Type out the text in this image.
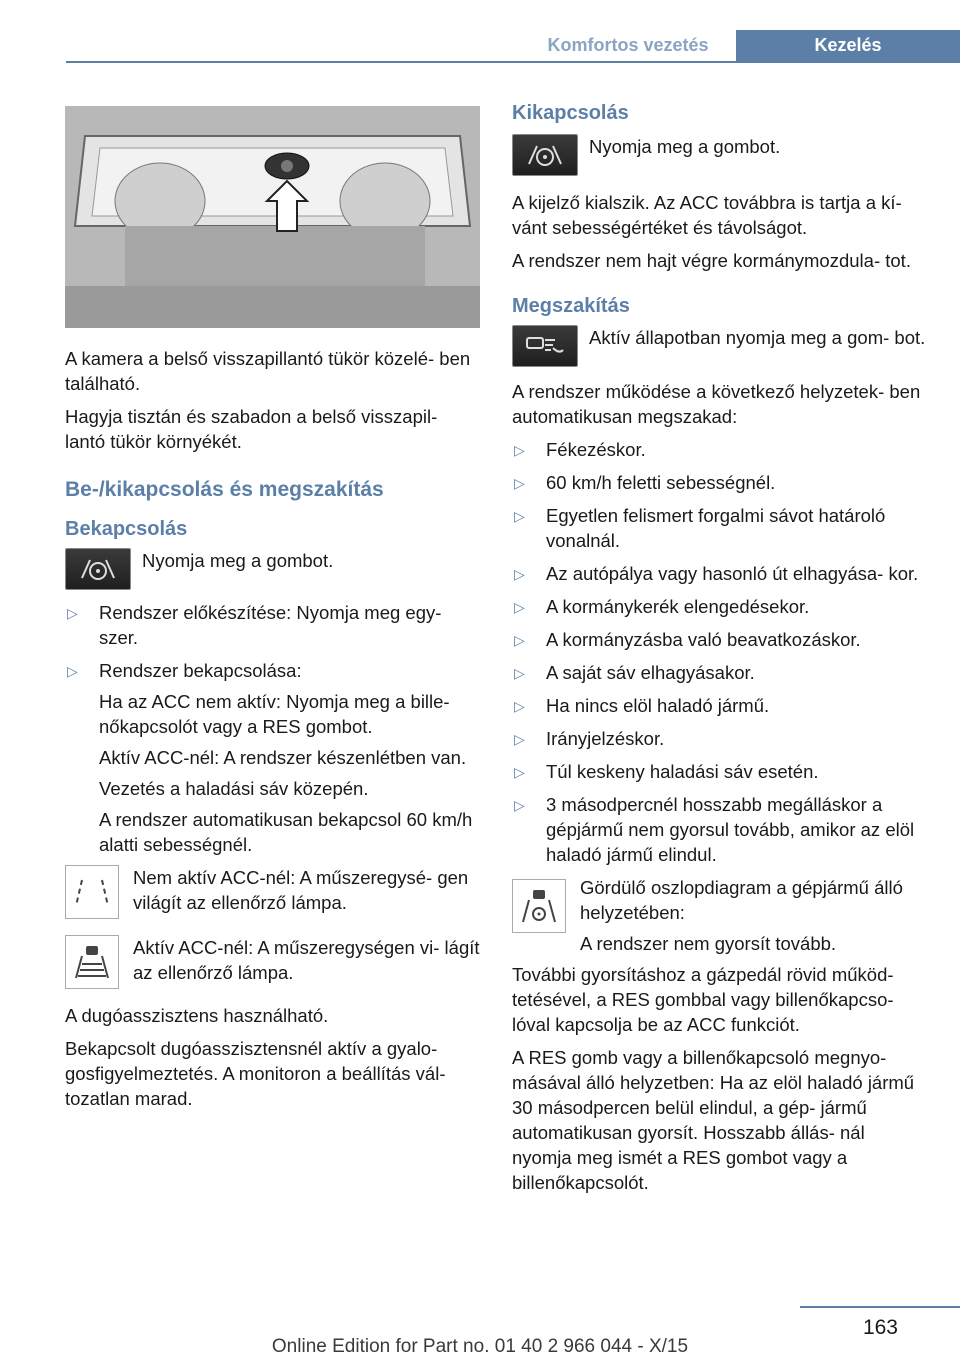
Komfortos vezetés	Kezelés

A kamera a belső visszapillantó tükör közelé- ben található.

Hagyja tisztán és szabadon a belső visszapil- lantó tükör környékét.

Be-/kikapcsolás és megszakítás
Bekapcsolás
Nyomja meg a gombot.
▷ Rendszer előkészítése: Nyomja meg egy- szer.
▷ Rendszer bekapcsolása:
Ha az ACC nem aktív: Nyomja meg a bille- nőkapcsolót vagy a RES gombot.
Aktív ACC-nél: A rendszer készenlétben van.
Vezetés a haladási sáv közepén.
A rendszer automatikusan bekapcsol 60 km/h alatti sebességnél.
Nem aktív ACC-nél: A műszeregysé- gen világít az ellenőrző lámpa.
Aktív ACC-nél: A műszeregységen vi- lágít az ellenőrző lámpa.

A dugóasszisztens használható.

Bekapcsolt dugóasszisztensnél aktív a gyalo- gosfigyelmeztetés. A monitoron a beállítás vál- tozatlan marad.

Kikapcsolás
Nyomja meg a gombot.

A kijelző kialszik. Az ACC továbbra is tartja a kí- vánt sebességértéket és távolságot.

A rendszer nem hajt végre kormánymozdula- tot.

Megszakítás
Aktív állapotban nyomja meg a gom- bot.

A rendszer működése a következő helyzetek- ben automatikusan megszakad:

▷ Fékezéskor.
▷ 60 km/h feletti sebességnél.
▷ Egyetlen felismert forgalmi sávot határoló vonalnál.
▷ Az autópálya vagy hasonló út elhagyása- kor.
▷ A kormánykerék elengedésekor.
▷ A kormányzásba való beavatkozáskor.
▷ A saját sáv elhagyásakor.
▷ Ha nincs elöl haladó jármű.
▷ Irányjelzéskor.
▷ Túl keskeny haladási sáv esetén.
▷ 3 másodpercnél hosszabb megálláskor a gépjármű nem gyorsul tovább, amikor az elöl haladó jármű elindul.
Gördülő oszlopdiagram a gépjármű álló helyzetében:
A rendszer nem gyorsít tovább.

További gyorsításhoz a gázpedál rövid működ- tetésével, a RES gombbal vagy billenőkapcso- lóval kapcsolja be az ACC funkciót.

A RES gomb vagy a billenőkapcsoló megnyo- másával álló helyzetben: Ha az elöl haladó jármű 30 másodpercen belül elindul, a gép- jármű automatikusan gyorsít. Hosszabb állás- nál nyomja meg ismét a RES gombot vagy a billenőkapcsolót.

163
Online Edition for Part no. 01 40 2 966 044 - X/15
